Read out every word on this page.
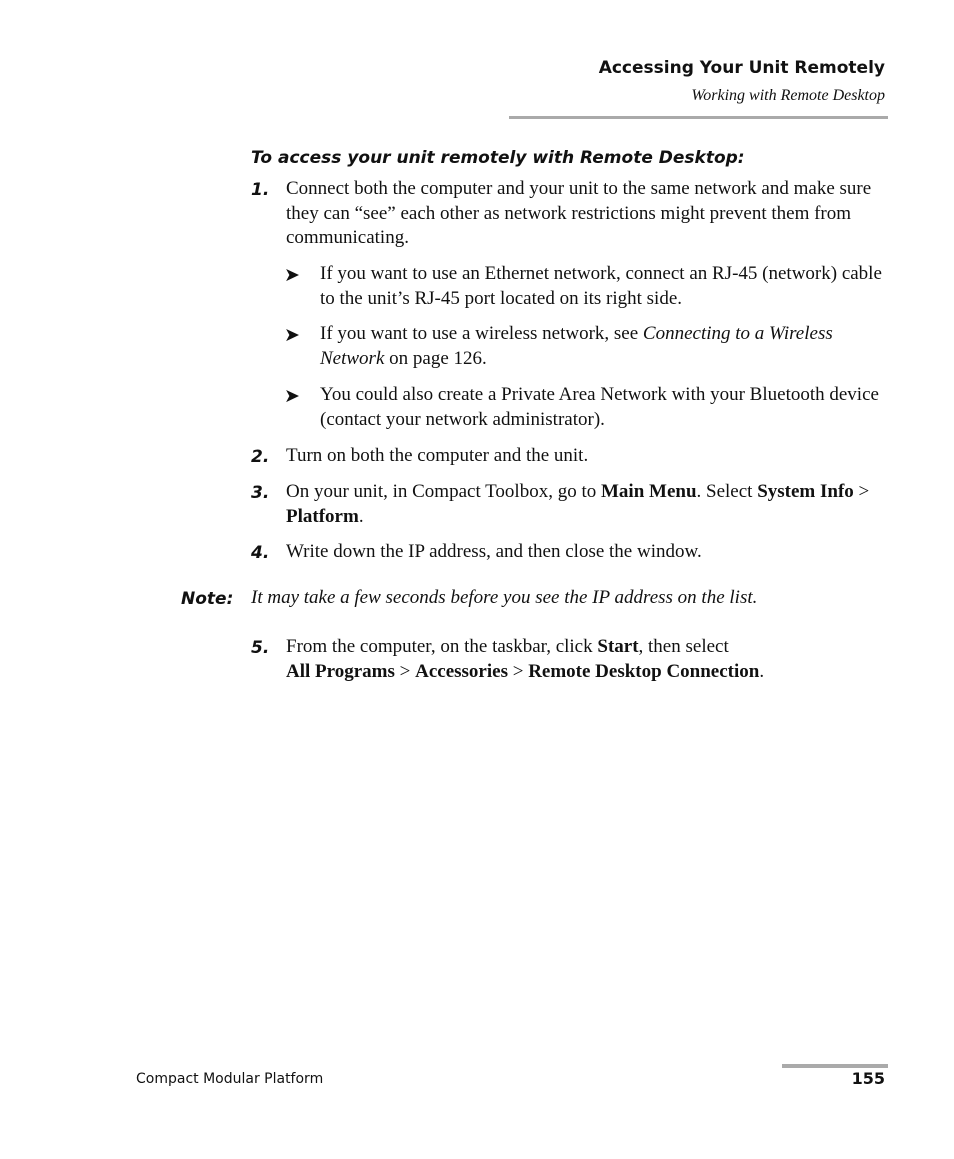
Accessing Your Unit Remotely
Working with Remote Desktop
To access your unit remotely with Remote Desktop:
1. Connect both the computer and your unit to the same network and make sure they can “see” each other as network restrictions might prevent them from communicating.
➤ If you want to use an Ethernet network, connect an RJ-45 (network) cable to the unit’s RJ-45 port located on its right side.
➤ If you want to use a wireless network, see Connecting to a Wireless Network on page 126.
➤ You could also create a Private Area Network with your Bluetooth device (contact your network administrator).
2. Turn on both the computer and the unit.
3. On your unit, in Compact Toolbox, go to Main Menu. Select System Info > Platform.
4. Write down the IP address, and then close the window.
Note: It may take a few seconds before you see the IP address on the list.
5. From the computer, on the taskbar, click Start, then select
All Programs > Accessories > Remote Desktop Connection.
Compact Modular Platform	155
